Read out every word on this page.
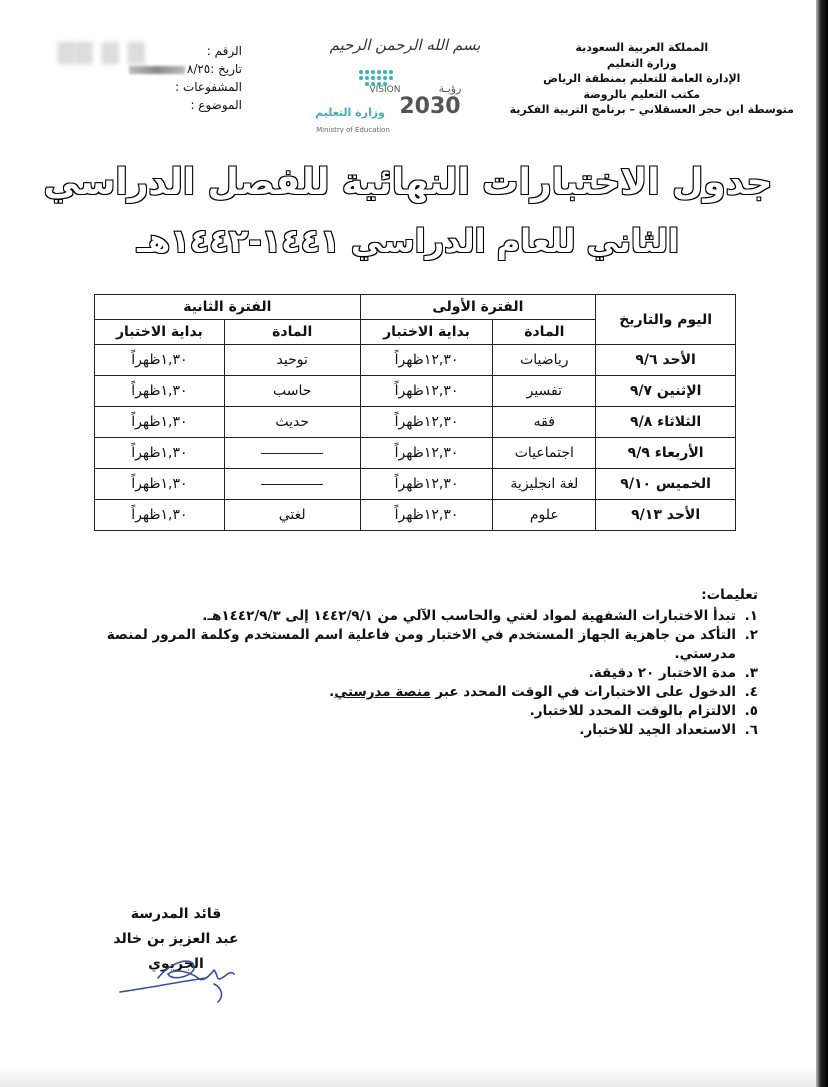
▇▇ ▇ ▇	المملكة العربية السعودية
وزارة التعليم
الإدارة العامة للتعليم بمنطقة الرياض
مكتب التعليم بالروضة
متوسطة ابن حجر العسقلاني – برنامج التربية الفكرية
الرقم :
تاريخ :٨/٢٥
المشفوعات :
الموضوع :
بسم الله الرحمن الرحيم
رؤيـة
VISION
2030
وزارة التعليم
Ministry of Education
جدول الاختبارات النهائية للفصل الدراسي
الثاني للعام الدراسي ١٤٤١-١٤٤٢هـ
اليوم والتاريخ	الفترة الأولى		الفترة الثانية	
	المادة	بداية الاختبار	المادة	بداية الاختبار
الأحد ٩/٦	رياضيات	١٢,٣٠ظهراً	توحيد	١,٣٠ظهراً
الإثنين ٩/٧	تفسير	١٢,٣٠ظهراً	حاسب	١,٣٠ظهراً
الثلاثاء ٩/٨	فقه	١٢,٣٠ظهراً	حديث	١,٣٠ظهراً
الأربعاء ٩/٩	اجتماعيات	١٢,٣٠ظهراً		١,٣٠ظهراً
الخميس ٩/١٠	لغة انجليزية	١٢,٣٠ظهراً		١,٣٠ظهراً
الأحد ٩/١٣	علوم	١٢,٣٠ظهراً	لغتي	١,٣٠ظهراً
تعليمات:
١.
تبدأ الاختبارات الشفهية لمواد لغتي والحاسب الآلي من ١٤٤٢/٩/١ إلى ١٤٤٢/٩/٣هـ.
٢.
التأكد من جاهزية الجهاز المستخدم في الاختبار ومن فاعلية اسم المستخدم وكلمة المرور لمنصة مدرستي.
٣.
مدة الاختبار ٢٠ دقيقة.
٤.
الدخول على الاختبارات في الوقت المحدد عبر منصة مدرستي.
٥.
الالتزام بالوقت المحدد للاختبار.
٦.
الاستعداد الجيد للاختبار.
قائد المدرسة
عبد العزيز بن خالد الجريوي
